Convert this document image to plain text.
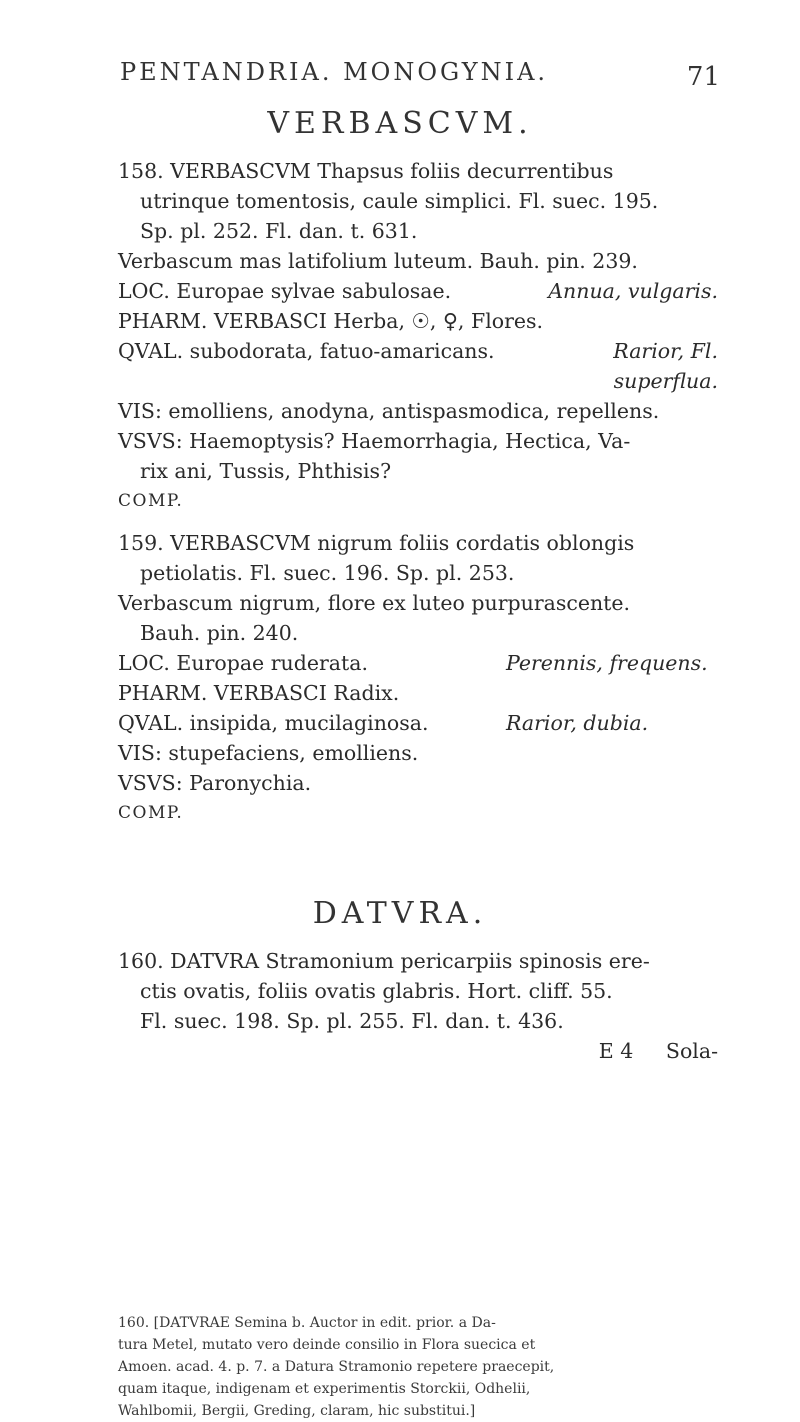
PENTANDRIA. MONOGYNIA.	71
VERBASCVM.
158. VERBASCVM Thapsus foliis decurrentibus
utrinque tomentosis, caule simplici. Fl. suec. 195.
Sp. pl. 252. Fl. dan. t. 631.
Verbascum mas latifolium luteum. Bauh. pin. 239.
LOC. Europae sylvae sabulosae.	Annua, vulgaris.
PHARM. VERBASCI Herba, ☉, ♀, Flores.
QVAL. subodorata, fatuo-amaricans.	Rarior, Fl.
superflua.
VIS: emolliens, anodyna, antispasmodica, repellens.
VSVS: Haemoptysis? Haemorrhagia, Hectica, Va-
rix ani, Tussis, Phthisis?
COMP.
159. VERBASCVM nigrum foliis cordatis oblongis
petiolatis. Fl. suec. 196. Sp. pl. 253.
Verbascum nigrum, flore ex luteo purpurascente.
Bauh. pin. 240.
LOC. Europae ruderata.	Perennis, frequens.
PHARM. VERBASCI Radix.
QVAL. insipida, mucilaginosa.	Rarior, dubia.
VIS: stupefaciens, emolliens.
VSVS: Paronychia.
COMP.
DATVRA.
160. DATVRA Stramonium pericarpiis spinosis ere-
ctis ovatis, foliis ovatis glabris. Hort. cliff. 55.
Fl. suec. 198. Sp. pl. 255. Fl. dan. t. 436.
E 4     Sola-
160. [DATVRAE Semina b. Auctor in edit. prior. a Da-
tura Metel, mutato vero deinde consilio in Flora suecica et
Amoen. acad. 4. p. 7. a Datura Stramonio repetere praecepit,
quam itaque, indigenam et experimentis Storckii, Odhelii,
Wahlbomii, Bergii, Greding, claram, hic substitui.]
